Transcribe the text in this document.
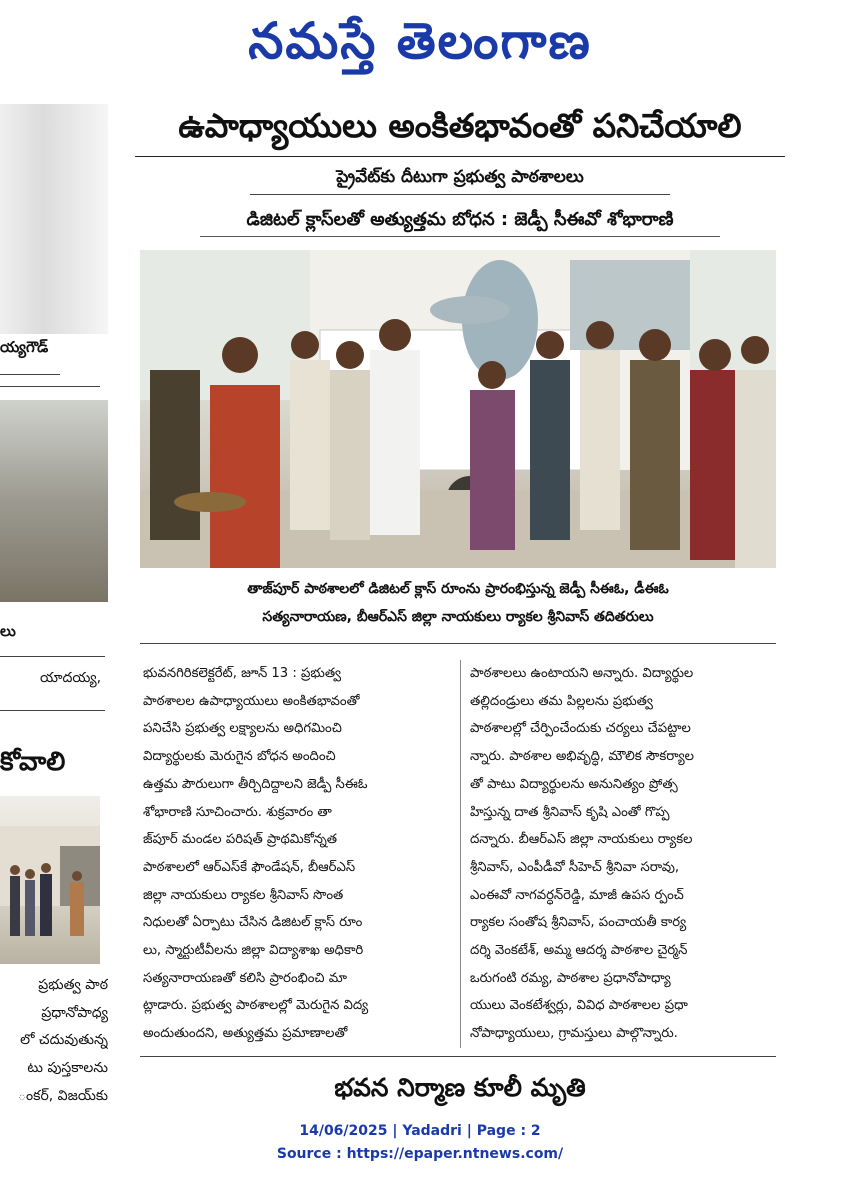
నమస్తే తెలంగాణ
య్యగౌడ్
లు
యాదయ్య,
కోవాలి
ప్రభుత్వ పాఠ
ప్రధానోపాధ్య
లో చదువుతున్న
టు పుస్తకాలను
ంకర్, విజయ్‌కు
ఉపాధ్యాయులు అంకితభావంతో పనిచేయాలి
ప్రైవేట్‌కు దీటుగా ప్రభుత్వ పాఠశాలలు
డిజిటల్ క్లాస్‌లతో అత్యుత్తమ బోధన : జెడ్పీ సీఈవో శోభారాణి
తాజ్‌పూర్ పాఠశాలలో డిజిటల్ క్లాస్ రూంను ప్రారంభిస్తున్న జెడ్పీ సీఈఓ, డీఈఓ
సత్యనారాయణ, బీఆర్ఎస్ జిల్లా నాయకులు ర్యాకల శ్రీనివాస్ తదితరులు
భువనగిరికలెక్టరేట్, జూన్ 13 : ప్రభుత్వ
పాఠశాలల ఉపాధ్యాయులు అంకితభావంతో
పనిచేసి ప్రభుత్వ లక్ష్యాలను అధిగమించి
విద్యార్థులకు మెరుగైన బోధన అందించి
ఉత్తమ పౌరులుగా తీర్చిదిద్దాలని జెడ్పీ సీఈఓ
శోభారాణి సూచించారు. శుక్రవారం తా
జ్‌పూర్ మండల పరిషత్ ప్రాథమికోన్నత
పాఠశాలలో ఆర్ఎస్‌కే ఫౌండేషన్, బీఆర్ఎస్
జిల్లా నాయకులు ర్యాకల శ్రీనివాస్ సొంత
నిధులతో ఏర్పాటు చేసిన డిజిటల్ క్లాస్ రూం
లు, స్మార్టుటీవీలను జిల్లా విద్యాశాఖ అధికారి
సత్యనారాయణతో కలిసి ప్రారంభించి మా
ట్లాడారు. ప్రభుత్వ పాఠశాలల్లో మెరుగైన విద్య
అందుతుందని, అత్యుత్తమ ప్రమాణాలతో
పాఠశాలలు ఉంటాయని అన్నారు. విద్యార్థుల
తల్లిదండ్రులు తమ పిల్లలను ప్రభుత్వ
పాఠశాలల్లో చేర్పించేందుకు చర్యలు చేపట్టాల
న్నారు. పాఠశాల అభివృద్ధి, మౌలిక సౌకర్యాల
తో పాటు విద్యార్థులను అనునిత్యం ప్రోత్స
హిస్తున్న దాత శ్రీనివాస్ కృషి ఎంతో గొప్ప
దన్నారు. బీఆర్ఎస్ జిల్లా నాయకులు ర్యాకల
శ్రీనివాస్, ఎంపీడీవో సీహెచ్ శ్రీనివా సరావు,
ఎంఈవో నాగవర్ధన్‌రెడ్డి, మాజీ ఉపస ర్పంచ్
ర్యాకల సంతోష శ్రీనివాస్, పంచాయతీ కార్య
దర్శి వెంకటేశ్, అమ్మ ఆదర్శ పాఠశాల చైర్మన్
ఒరుగంటి రమ్య, పాఠశాల ప్రధానోపాధ్యా
యులు వెంకటేశ్వర్లు, వివిధ పాఠశాలల ప్రధా
నోపాధ్యాయులు, గ్రామస్తులు పాల్గొన్నారు.
భవన నిర్మాణ కూలీ మృతి
14/06/2025 | Yadadri | Page : 2
Source : https://epaper.ntnews.com/
